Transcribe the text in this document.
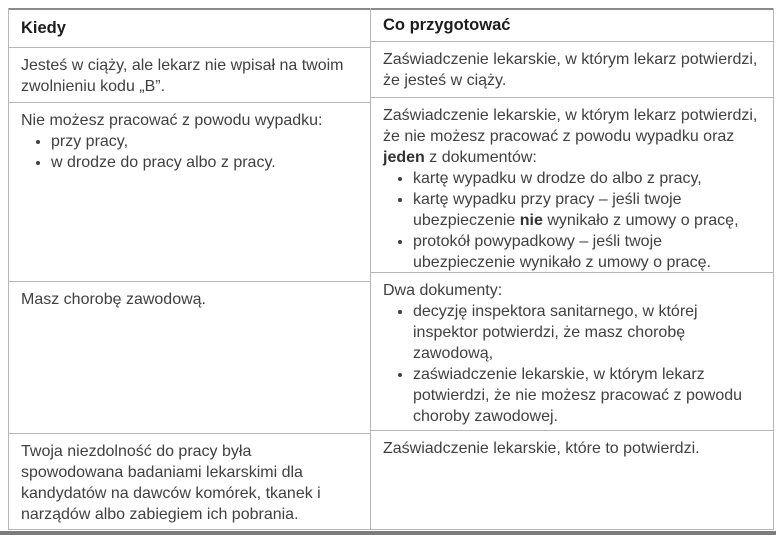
Kiedy

Jesteś w ciąży, ale lekarz nie wpisał na twoim zwolnieniu kodu „B”.

Nie możesz pracować z powodu wypadku:

• przy pracy,
• w drodze do pracy albo z pracy.

Masz chorobę zawodową.

Twoja niezdolność do pracy była spowodowana badaniami lekarskimi dla kandydatów na dawców komórek, tkanek i narządów albo zabiegiem ich pobrania.

Co przygotować

Zaświadczenie lekarskie, w którym lekarz potwierdzi, że jesteś w ciąży.

Zaświadczenie lekarskie, w którym lekarz potwierdzi, że nie możesz pracować z powodu wypadku oraz jeden z dokumentów:

• kartę wypadku w drodze do albo z pracy,
• kartę wypadku przy pracy – jeśli twoje ubezpieczenie nie wynikało z umowy o pracę,
• protokół powypadkowy – jeśli twoje ubezpieczenie wynikało z umowy o pracę.

Dwa dokumenty:

• decyzję inspektora sanitarnego, w której inspektor potwierdzi, że masz chorobę zawodową,
• zaświadczenie lekarskie, w którym lekarz potwierdzi, że nie możesz pracować z powodu choroby zawodowej.

Zaświadczenie lekarskie, które to potwierdzi.
